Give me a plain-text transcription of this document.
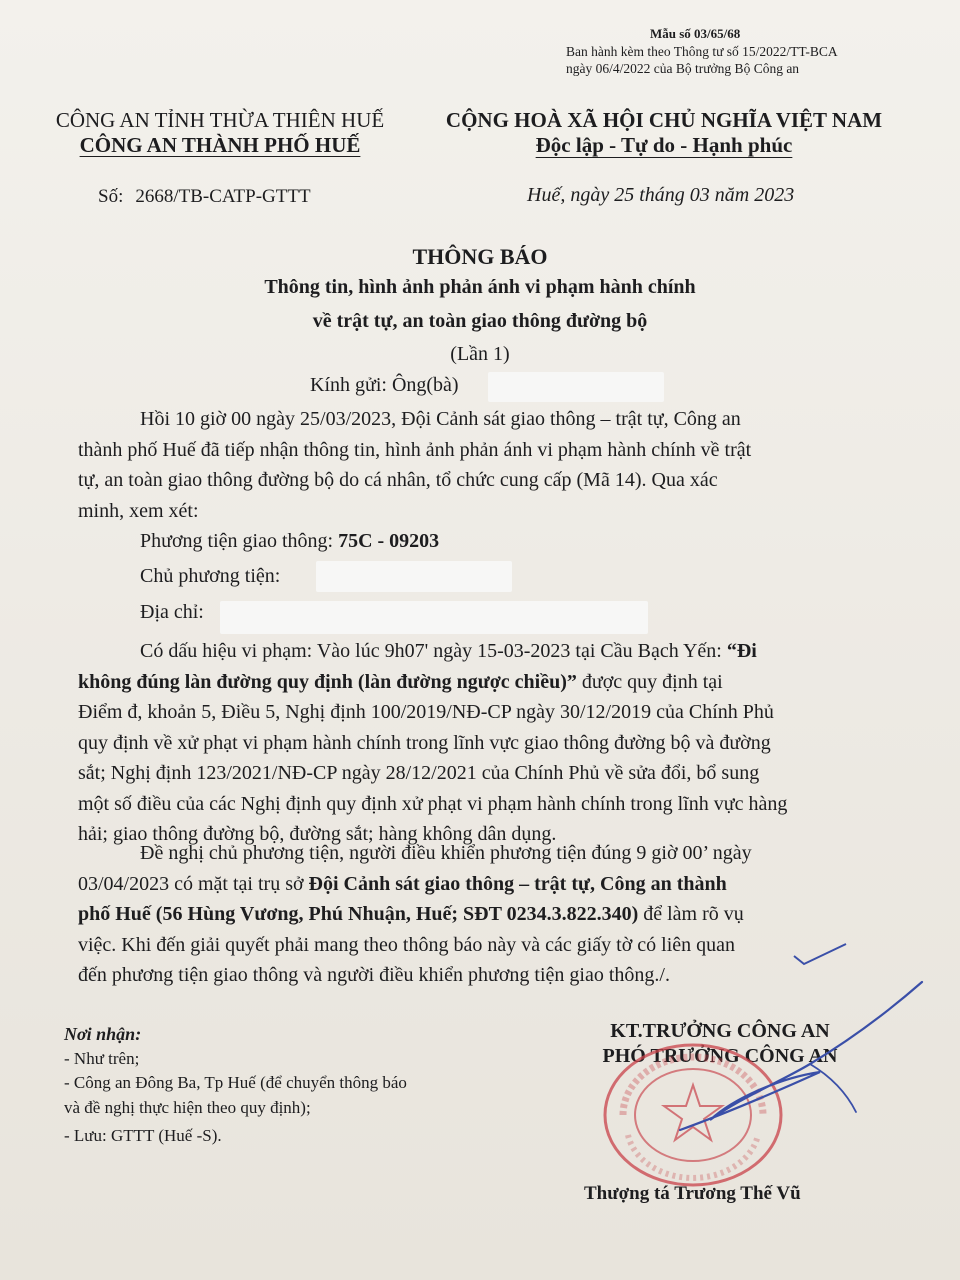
Mẫu số 03/65/68
Ban hành kèm theo Thông tư số 15/2022/TT-BCA
ngày 06/4/2022 của Bộ trưởng Bộ Công an
CÔNG AN TỈNH THỪA THIÊN HUẾ
CÔNG AN THÀNH PHỐ HUẾ
CỘNG HOÀ XÃ HỘI CHỦ NGHĨA VIỆT NAM
Độc lập - Tự do - Hạnh phúc
Số: 2668/TB-CATP-GTTT	Huế, ngày 25 tháng 03 năm 2023
THÔNG BÁO
Thông tin, hình ảnh phản ánh vi phạm hành chính
về trật tự, an toàn giao thông đường bộ
(Lần 1)
Kính gửi: Ông(bà)

Hồi 10 giờ 00 ngày 25/03/2023, Đội Cảnh sát giao thông – trật tự, Công an

thành phố Huế đã tiếp nhận thông tin, hình ảnh phản ánh vi phạm hành chính về trật

tự, an toàn giao thông đường bộ do cá nhân, tổ chức cung cấp (Mã 14). Qua xác

minh, xem xét:

Phương tiện giao thông: 75C - 09203
Chủ phương tiện:
Địa chỉ:

Có dấu hiệu vi phạm: Vào lúc 9h07' ngày 15-03-2023 tại Cầu Bạch Yến: “Đi

không đúng làn đường quy định (làn đường ngược chiều)” được quy định tại

Điểm đ, khoản 5, Điều 5, Nghị định 100/2019/NĐ-CP ngày 30/12/2019 của Chính Phủ

quy định về xử phạt vi phạm hành chính trong lĩnh vực giao thông đường bộ và đường

sắt; Nghị định 123/2021/NĐ-CP ngày 28/12/2021 của Chính Phủ về sửa đổi, bổ sung

một số điều của các Nghị định quy định xử phạt vi phạm hành chính trong lĩnh vực hàng

hải; giao thông đường bộ, đường sắt; hàng không dân dụng.

Đề nghị chủ phương tiện, người điều khiển phương tiện đúng 9 giờ 00’ ngày

03/04/2023 có mặt tại trụ sở Đội Cảnh sát giao thông – trật tự, Công an thành

phố Huế (56 Hùng Vương, Phú Nhuận, Huế; SĐT 0234.3.822.340) để làm rõ vụ

việc. Khi đến giải quyết phải mang theo thông báo này và các giấy tờ có liên quan

đến phương tiện giao thông và người điều khiển phương tiện giao thông./.

Nơi nhận:
- Như trên;
- Công an Đông Ba, Tp Huế (để chuyển thông báo
và đề nghị thực hiện theo quy định);
- Lưu: GTTT (Huế -S).
KT.TRƯỞNG CÔNG AN
PHÓ TRƯỞNG CÔNG AN
Thượng tá Trương Thế Vũ
